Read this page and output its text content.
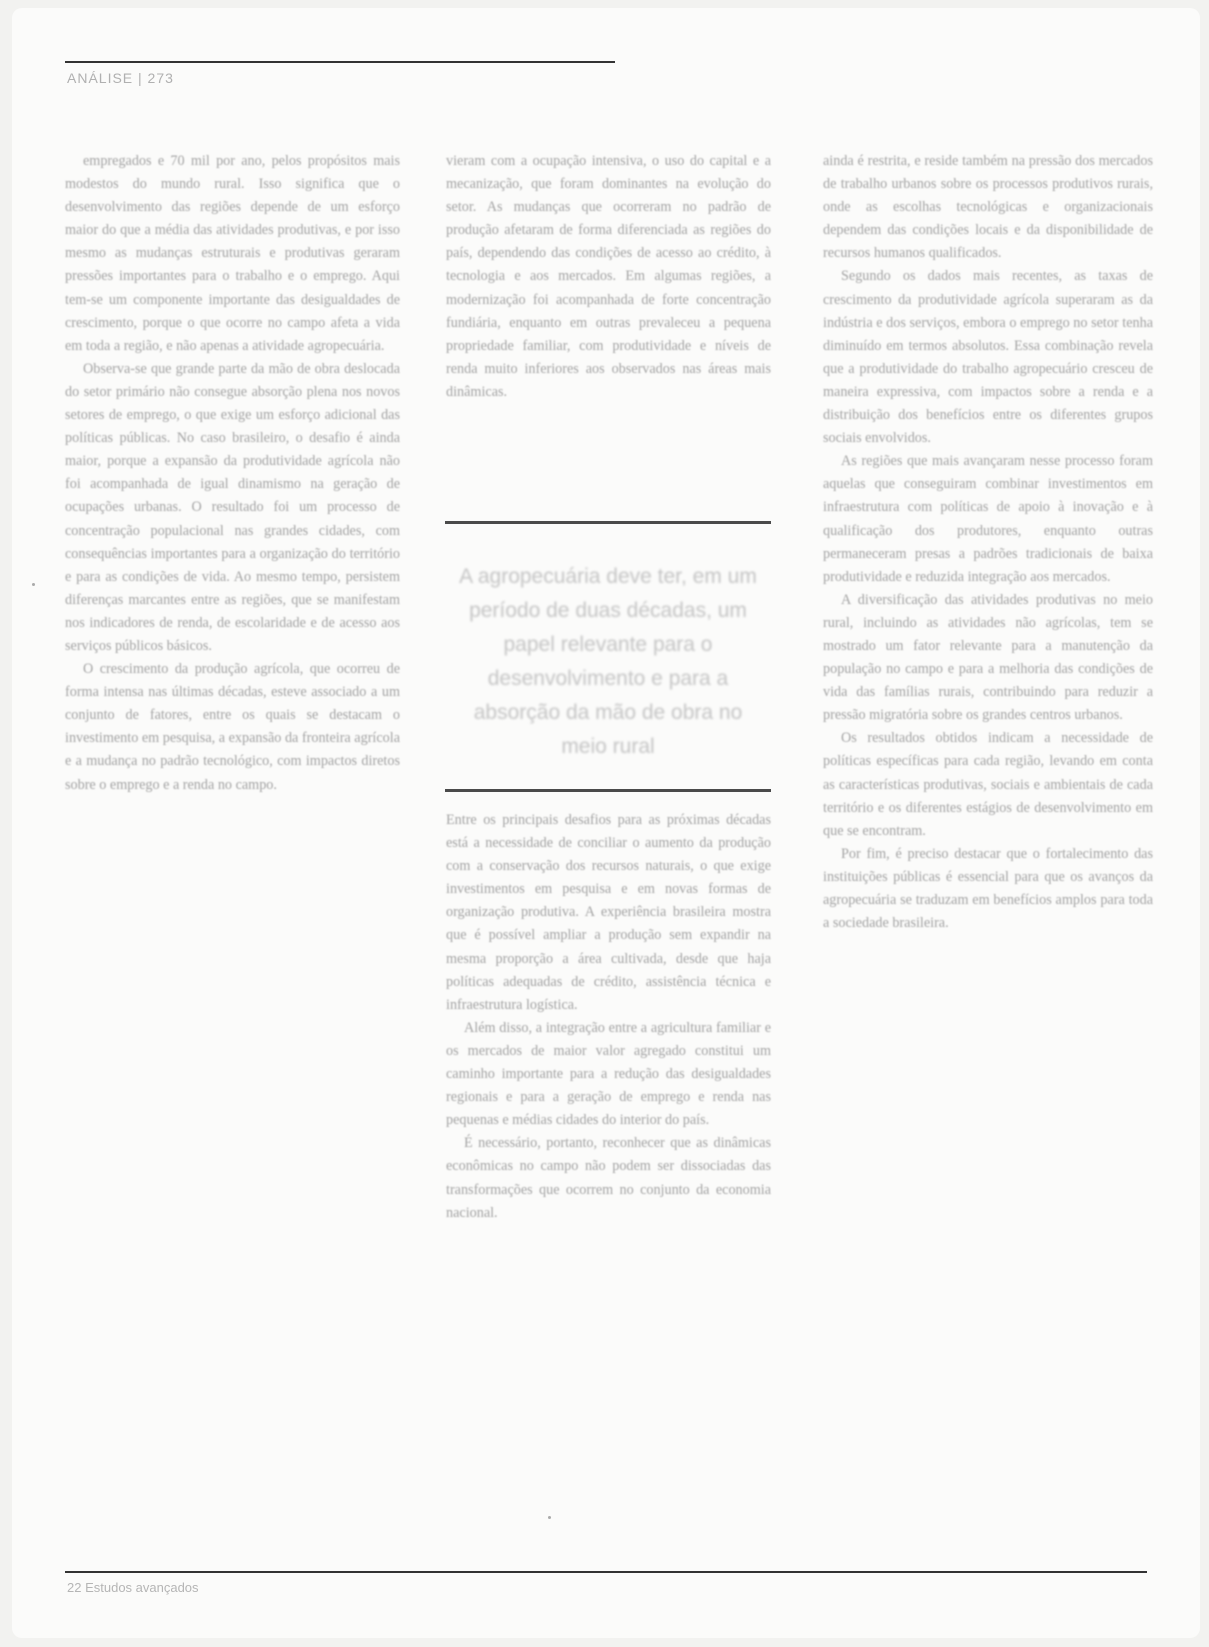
ANÁLISE | 273

empregados e 70 mil por ano, pelos propósitos mais modestos do mundo rural. Isso significa que o desenvolvimento das regiões depende de um esforço maior do que a média das atividades produtivas, e por isso mesmo as mudanças estruturais e produtivas geraram pressões importantes para o trabalho e o emprego. Aqui tem-se um componente importante das desigualdades de crescimento, porque o que ocorre no campo afeta a vida em toda a região, e não apenas a atividade agropecuária.

Observa-se que grande parte da mão de obra deslocada do setor primário não consegue absorção plena nos novos setores de emprego, o que exige um esforço adicional das políticas públicas. No caso brasileiro, o desafio é ainda maior, porque a expansão da produtividade agrícola não foi acompanhada de igual dinamismo na geração de ocupações urbanas. O resultado foi um processo de concentração populacional nas grandes cidades, com consequências importantes para a organização do território e para as condições de vida. Ao mesmo tempo, persistem diferenças marcantes entre as regiões, que se manifestam nos indicadores de renda, de escolaridade e de acesso aos serviços públicos básicos.

O crescimento da produção agrícola, que ocorreu de forma intensa nas últimas décadas, esteve associado a um conjunto de fatores, entre os quais se destacam o investimento em pesquisa, a expansão da fronteira agrícola e a mudança no padrão tecnológico, com impactos diretos sobre o emprego e a renda no campo.

vieram com a ocupação intensiva, o uso do capital e a mecanização, que foram dominantes na evolução do setor. As mudanças que ocorreram no padrão de produção afetaram de forma diferenciada as regiões do país, dependendo das condições de acesso ao crédito, à tecnologia e aos mercados. Em algumas regiões, a modernização foi acompanhada de forte concentração fundiária, enquanto em outras prevaleceu a pequena propriedade familiar, com produtividade e níveis de renda muito inferiores aos observados nas áreas mais dinâmicas.

A agropecuária deve ter, em um período de duas décadas, um papel relevante para o desenvolvimento e para a absorção da mão de obra no meio rural

Entre os principais desafios para as próximas décadas está a necessidade de conciliar o aumento da produção com a conservação dos recursos naturais, o que exige investimentos em pesquisa e em novas formas de organização produtiva. A experiência brasileira mostra que é possível ampliar a produção sem expandir na mesma proporção a área cultivada, desde que haja políticas adequadas de crédito, assistência técnica e infraestrutura logística.

Além disso, a integração entre a agricultura familiar e os mercados de maior valor agregado constitui um caminho importante para a redução das desigualdades regionais e para a geração de emprego e renda nas pequenas e médias cidades do interior do país.

É necessário, portanto, reconhecer que as dinâmicas econômicas no campo não podem ser dissociadas das transformações que ocorrem no conjunto da economia nacional.

ainda é restrita, e reside também na pressão dos mercados de trabalho urbanos sobre os processos produtivos rurais, onde as escolhas tecnológicas e organizacionais dependem das condições locais e da disponibilidade de recursos humanos qualificados.

Segundo os dados mais recentes, as taxas de crescimento da produtividade agrícola superaram as da indústria e dos serviços, embora o emprego no setor tenha diminuído em termos absolutos. Essa combinação revela que a produtividade do trabalho agropecuário cresceu de maneira expressiva, com impactos sobre a renda e a distribuição dos benefícios entre os diferentes grupos sociais envolvidos.

As regiões que mais avançaram nesse processo foram aquelas que conseguiram combinar investimentos em infraestrutura com políticas de apoio à inovação e à qualificação dos produtores, enquanto outras permaneceram presas a padrões tradicionais de baixa produtividade e reduzida integração aos mercados.

A diversificação das atividades produtivas no meio rural, incluindo as atividades não agrícolas, tem se mostrado um fator relevante para a manutenção da população no campo e para a melhoria das condições de vida das famílias rurais, contribuindo para reduzir a pressão migratória sobre os grandes centros urbanos.

Os resultados obtidos indicam a necessidade de políticas específicas para cada região, levando em conta as características produtivas, sociais e ambientais de cada território e os diferentes estágios de desenvolvimento em que se encontram.

Por fim, é preciso destacar que o fortalecimento das instituições públicas é essencial para que os avanços da agropecuária se traduzam em benefícios amplos para toda a sociedade brasileira.

22 Estudos avançados
